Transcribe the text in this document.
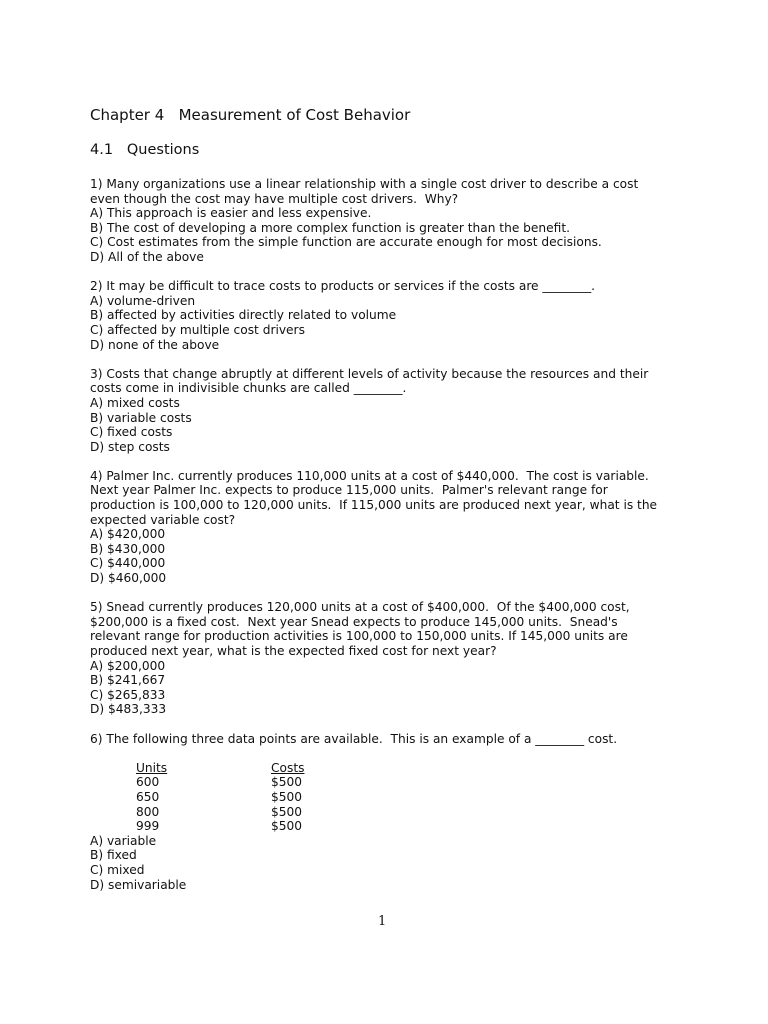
Chapter 4   Measurement of Cost Behavior
4.1   Questions
1) Many organizations use a linear relationship with a single cost driver to describe a cost
even though the cost may have multiple cost drivers.  Why?
A) This approach is easier and less expensive.
B) The cost of developing a more complex function is greater than the benefit.
C) Cost estimates from the simple function are accurate enough for most decisions.
D) All of the above
2) It may be difficult to trace costs to products or services if the costs are ________.
A) volume-driven
B) affected by activities directly related to volume
C) affected by multiple cost drivers
D) none of the above
3) Costs that change abruptly at different levels of activity because the resources and their
costs come in indivisible chunks are called ________.
A) mixed costs
B) variable costs
C) fixed costs
D) step costs
4) Palmer Inc. currently produces 110,000 units at a cost of $440,000.  The cost is variable.
Next year Palmer Inc. expects to produce 115,000 units.  Palmer's relevant range for
production is 100,000 to 120,000 units.  If 115,000 units are produced next year, what is the
expected variable cost?
A) $420,000
B) $430,000
C) $440,000
D) $460,000
5) Snead currently produces 120,000 units at a cost of $400,000.  Of the $400,000 cost,
$200,000 is a fixed cost.  Next year Snead expects to produce 145,000 units.  Snead's
relevant range for production activities is 100,000 to 150,000 units. If 145,000 units are
produced next year, what is the expected fixed cost for next year?
A) $200,000
B) $241,667
C) $265,833
D) $483,333
6) The following three data points are available.  This is an example of a ________ cost.
Units
600
650
800
999
Costs
$500
$500
$500
$500
A) variable
B) fixed
C) mixed
D) semivariable
1
